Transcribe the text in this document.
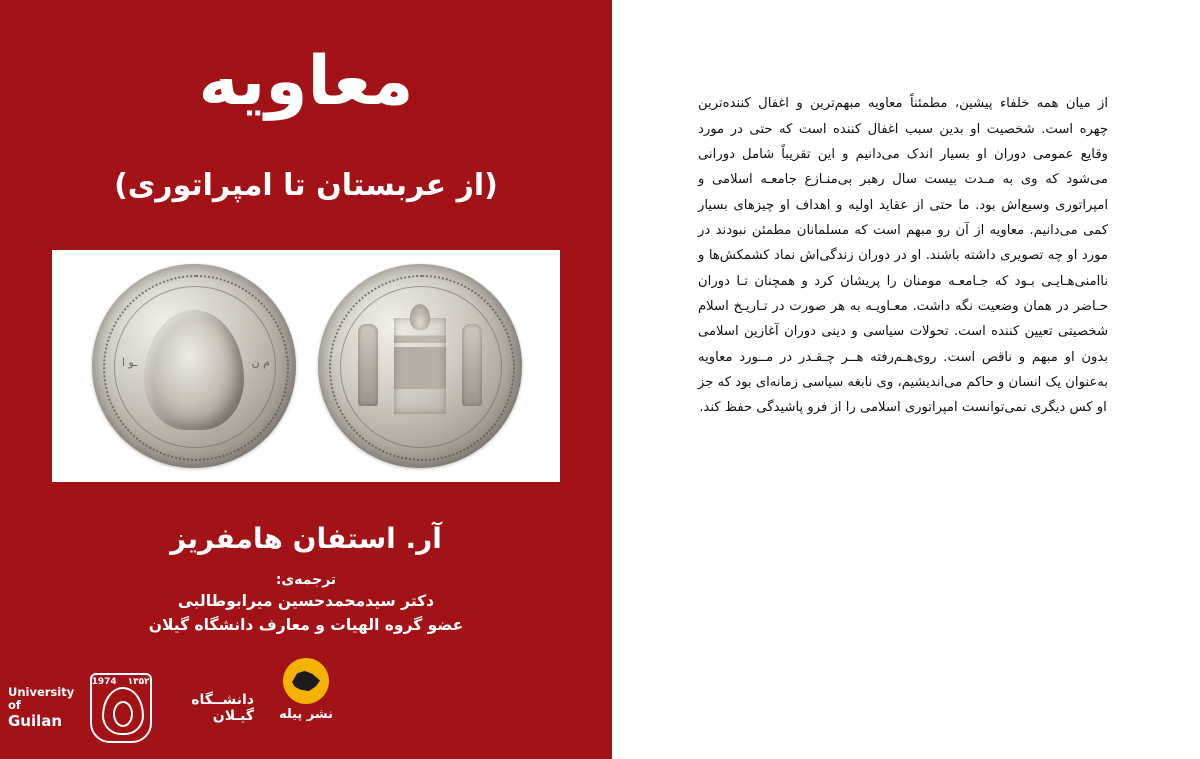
از میان همه خلفاء پیشین، مطمئناً معاویه مبهم‌ترین و اغفال کننده‌ترین چهره است. شخصیت او بدین سبب اغفال کننده است که حتی در مورد وقایع عمومی دوران او بسیار اندک می‌دانیم و این تقریباً شامل دورانی می‌شود که وی به مـدت بیست سال رهبر بی‌منـازع جامعـه اسلامی و امپراتوری وسیع‌اش بود. ما حتی از عقاید اولیه و اهداف او چیزهای بسیار کمی می‌دانیم. معاویه از آن رو مبهم است که مسلمانان مطمئن نبودند در مورد او چه تصویری داشته باشند. او در دوران زندگی‌اش نماد کشمکش‌ها و ناامنی‌هـایـی بـود که جـامعـه مومنان را پریشان کرد و همچنان تـا دوران حـاضر در همان وضعیت نگه داشت. معـاویـه به هر صورت در تـاریـخ اسلام شخصیتی تعیین کننده است. تحولات سیاسی و دینی دوران آغازین اسلامی بدون او مبهم و ناقص است. روی‌هـم‌رفته هــر چـقـدر در مــورد معاویه به‌عنوان یک انسان و حاکم می‌اندیشیم، وی نابغه سیاسی زمانه‌ای بود که جز او کس دیگری نمی‌توانست امپراتوری اسلامی را از فرو پاشیدگی حفظ کند.

معاویه
(از عربستان تا امپراتوری)
ـﻮ ﺍ	ﻡ ﻥ
آر. استفان هامفریز
ترجمه‌ی:
دکتر سیدمحمدحسین میرابوطالبی
عضو گروه الهیات و معارف دانشگاه گیلان
نشر پیله
دانشــگاه گیـلان
۱۳۵۲
1974
University of
Guilan
